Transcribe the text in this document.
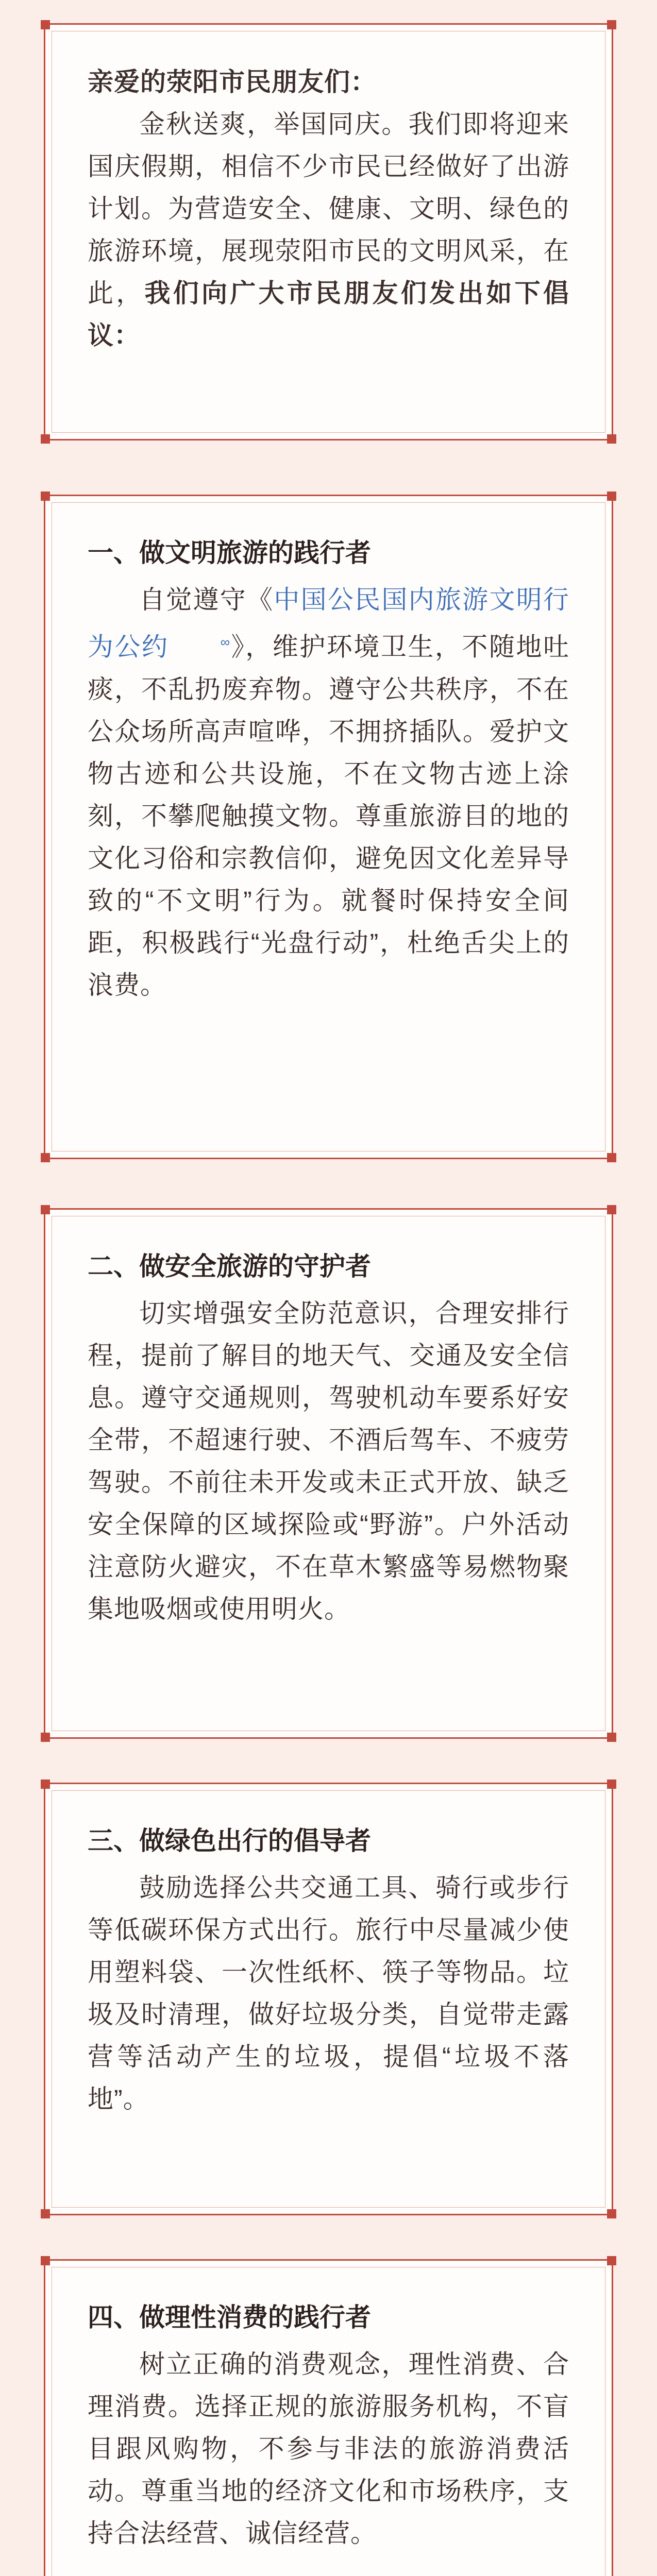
亲爱的荥阳市民朋友们：

金秋送爽，举国同庆。我们即将迎来国庆假期，相信不少市民已经做好了出游计划。为营造安全、健康、文明、绿色的旅游环境，展现荥阳市民的文明风采，在此，我们向广大市民朋友们发出如下倡议：

一、做文明旅游的践行者

自觉遵守《中国公民国内旅游文明行为公约	∞》，维护环境卫生，不随地吐痰，不乱扔废弃物。遵守公共秩序，不在公众场所高声喧哗，不拥挤插队。爱护文物古迹和公共设施，不在文物古迹上涂刻，不攀爬触摸文物。尊重旅游目的地的文化习俗和宗教信仰，避免因文化差异导致的“不文明”行为。就餐时保持安全间距，积极践行“光盘行动”，杜绝舌尖上的浪费。

二、做安全旅游的守护者

切实增强安全防范意识，合理安排行程，提前了解目的地天气、交通及安全信息。遵守交通规则，驾驶机动车要系好安全带，不超速行驶、不酒后驾车、不疲劳驾驶。不前往未开发或未正式开放、缺乏安全保障的区域探险或“野游”。户外活动注意防火避灾，不在草木繁盛等易燃物聚集地吸烟或使用明火。

三、做绿色出行的倡导者

鼓励选择公共交通工具、骑行或步行等低碳环保方式出行。旅行中尽量减少使用塑料袋、一次性纸杯、筷子等物品。垃圾及时清理，做好垃圾分类，自觉带走露营等活动产生的垃圾，提倡“垃圾不落地”。

四、做理性消费的践行者

树立正确的消费观念，理性消费、合理消费。选择正规的旅游服务机构，不盲目跟风购物，不参与非法的旅游消费活动。尊重当地的经济文化和市场秩序，支持合法经营、诚信经营。
